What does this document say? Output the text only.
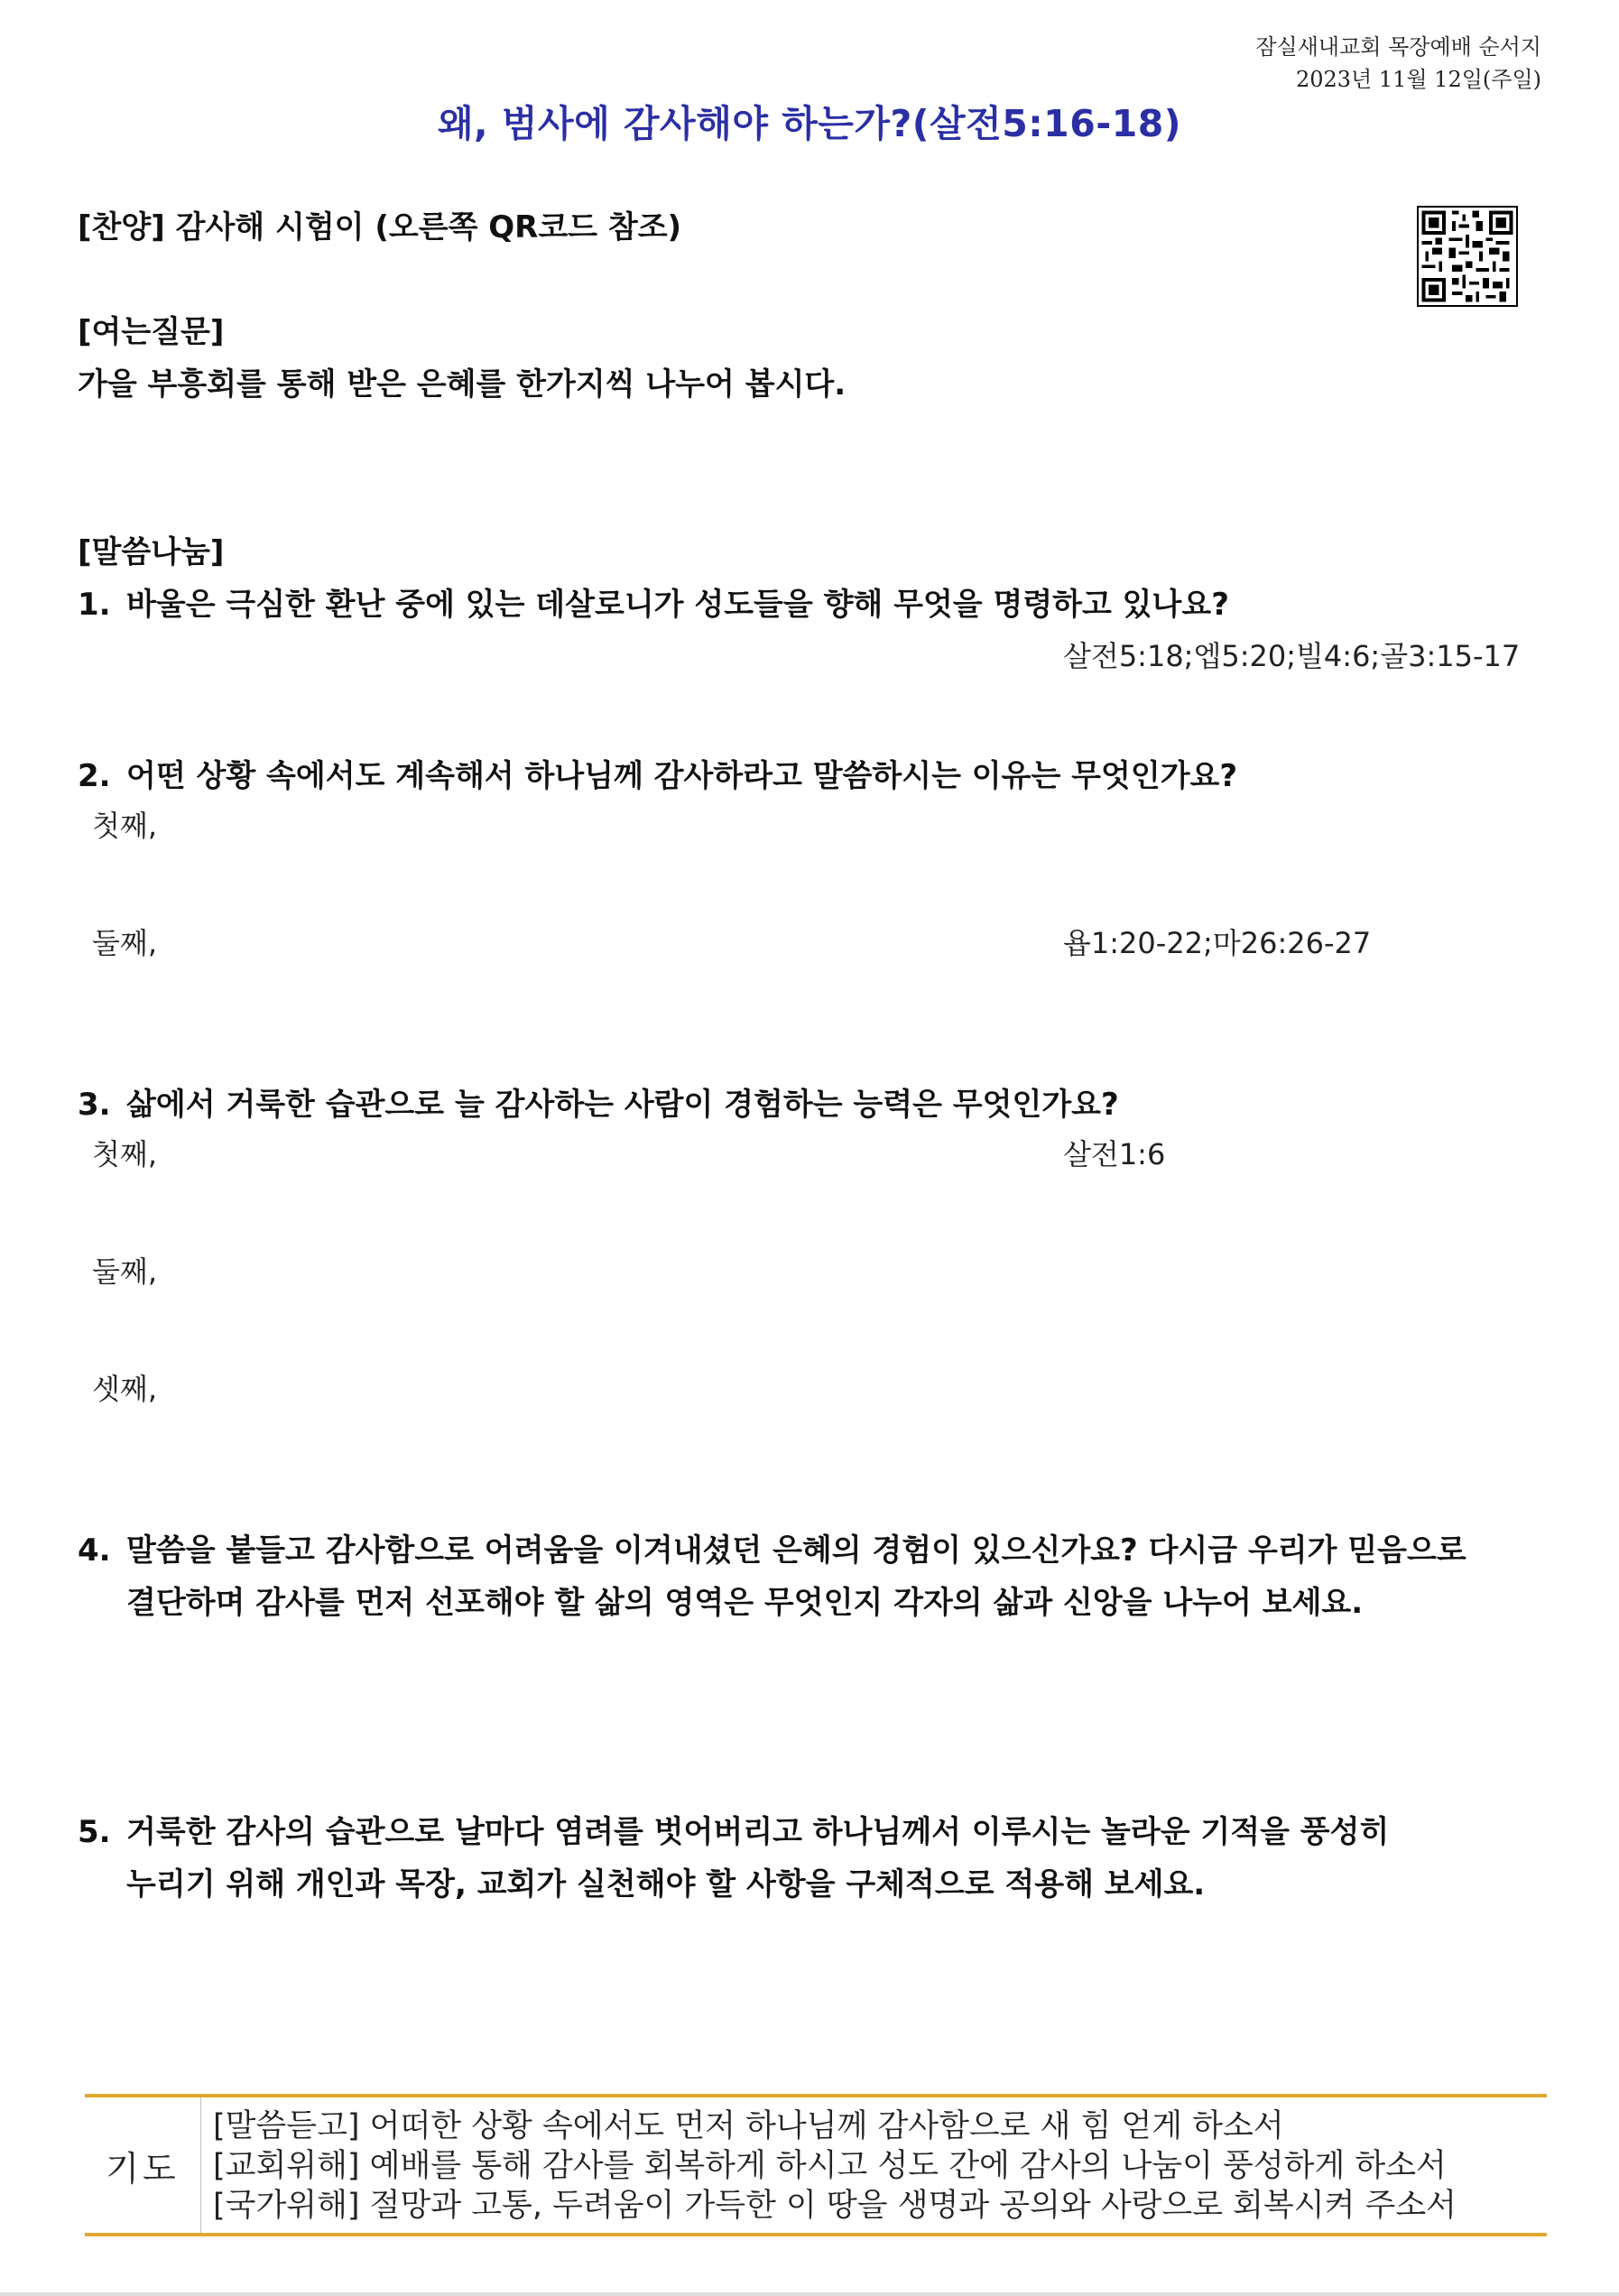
잠실새내교회 목장예배 순서지
2023년 11월 12일(주일)
왜, 범사에 감사해야 하는가?(살전5:16-18)
[찬양] 감사해 시험이 (오른쪽 QR코드 참조)
[여는질문]
가을 부흥회를 통해 받은 은혜를 한가지씩 나누어 봅시다.
[말씀나눔]
1. 바울은 극심한 환난 중에 있는 데살로니가 성도들을 향해 무엇을 명령하고 있나요?
살전5:18;엡5:20;빌4:6;골3:15-17
2. 어떤 상황 속에서도 계속해서 하나님께 감사하라고 말씀하시는 이유는 무엇인가요?
첫째,
둘째,	욥1:20-22;마26:26-27
3. 삶에서 거룩한 습관으로 늘 감사하는 사람이 경험하는 능력은 무엇인가요?
첫째,	살전1:6
둘째,
셋째,
4. 말씀을 붙들고 감사함으로 어려움을 이겨내셨던 은혜의 경험이 있으신가요? 다시금 우리가 믿음으로
결단하며 감사를 먼저 선포해야 할 삶의 영역은 무엇인지 각자의 삶과 신앙을 나누어 보세요.
5. 거룩한 감사의 습관으로 날마다 염려를 벗어버리고 하나님께서 이루시는 놀라운 기적을 풍성히
누리기 위해 개인과 목장, 교회가 실천해야 할 사항을 구체적으로 적용해 보세요.
기도
[말씀듣고] 어떠한 상황 속에서도 먼저 하나님께 감사함으로 새 힘 얻게 하소서
[교회위해] 예배를 통해 감사를 회복하게 하시고 성도 간에 감사의 나눔이 풍성하게 하소서
[국가위해] 절망과 고통, 두려움이 가득한 이 땅을 생명과 공의와 사랑으로 회복시켜 주소서
